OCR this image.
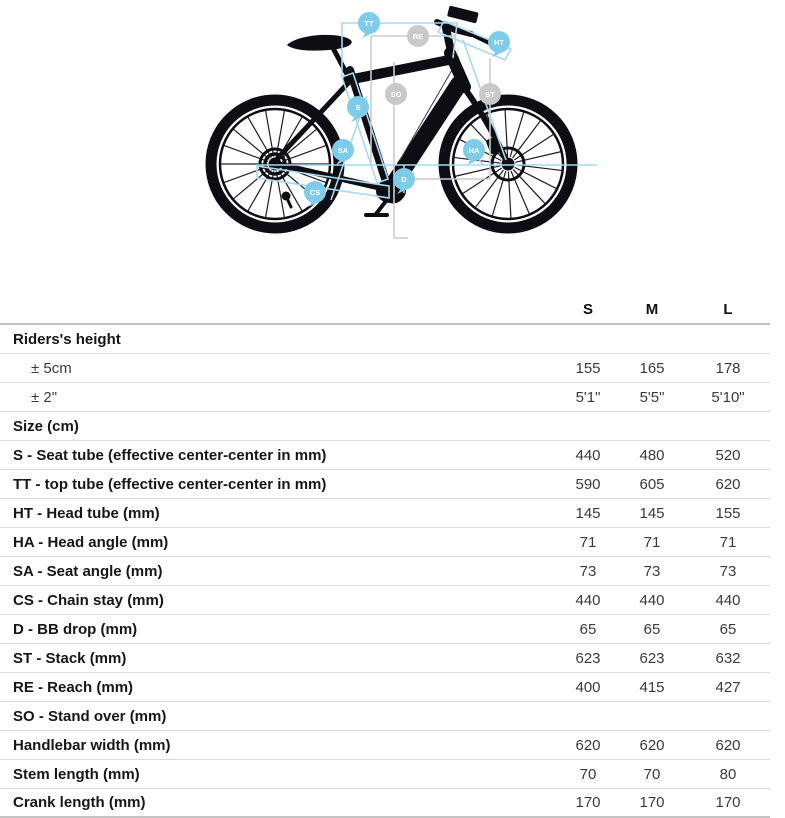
TT
RE
HT
SO	ST
S
SA	HA
D
CS
S	M	L
Riders's height
± 5cm	155	165	178
± 2"	5'1"	5'5"	5'10"
Size (cm)
S - Seat tube (effective center-center in mm)	440	480	520
TT - top tube (effective center-center in mm)	590	605	620
HT - Head tube (mm)	145	145	155
HA - Head angle (mm)	71	71	71
SA - Seat angle (mm)	73	73	73
CS - Chain stay (mm)	440	440	440
D - BB drop (mm)	65	65	65
ST - Stack (mm)	623	623	632
RE - Reach (mm)	400	415	427
SO - Stand over (mm)
Handlebar width (mm)	620	620	620
Stem length (mm)	70	70	80
Crank length (mm)	170	170	170
